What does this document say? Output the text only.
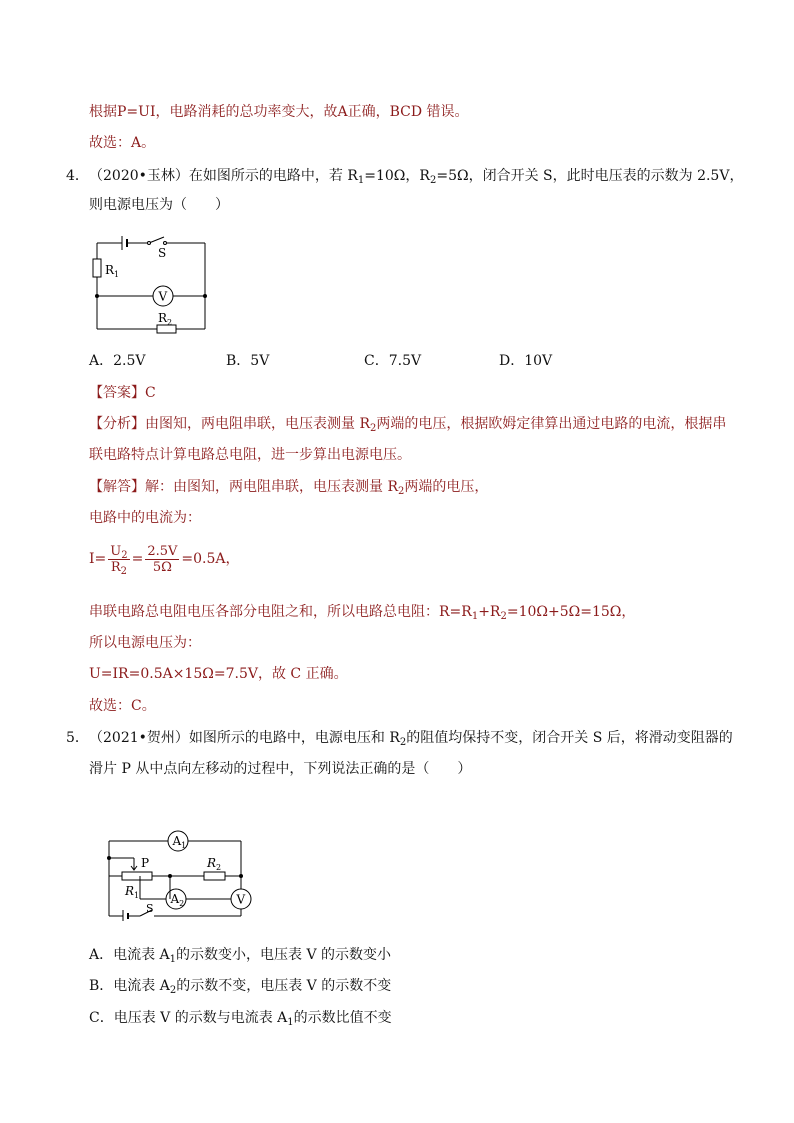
根据P=UI，电路消耗的总功率变大，故A正确，BCD 错误。
故选：A。
4． （2020•玉林）在如图所示的电路中，若 $R_1=10\Omega$，$R_2=5\Omega$，闭合开关 S，此时电压表的示数为 2.5V，
则电源电压为（　　）
S
$R_1$
$R_2$
V
A．2.5V	B．5V	C．7.5V	D．10V
【答案】C
【分析】由图知，两电阻串联，电压表测量 $R_2$两端的电压，根据欧姆定律算出通过电路的电流，根据串
联电路特点计算电路总电阻，进一步算出电源电压。
【解答】解：由图知，两电阻串联，电压表测量 $R_2$两端的电压，
电路中的电流为：
$I= \frac{U_2}{R_2} = \frac{2.5V}{5\Omega} =0.5A$，
串联电路总电阻电压各部分电阻之和，所以电路总电阻：$R=R_1+R_2=10\Omega+5\Omega=15\Omega$，
所以电源电压为：
U=IR=0.5A×15Ω=7.5V，故 C 正确。
故选：C。
5． （2021•贺州）如图所示的电路中，电源电压和 $R_2$的阻值均保持不变，闭合开关 S 后，将滑动变阻器的
滑片 P 从中点向左移动的过程中，下列说法正确的是（　　）
$A_1$
$A_2$
P
$R_1$
$R_2$
S
V
A．电流表 $A_1$的示数变小，电压表 V 的示数变小
B．电流表 $A_2$的示数不变，电压表 V 的示数不变
C．电压表 V 的示数与电流表 $A_1$的示数比值不变
